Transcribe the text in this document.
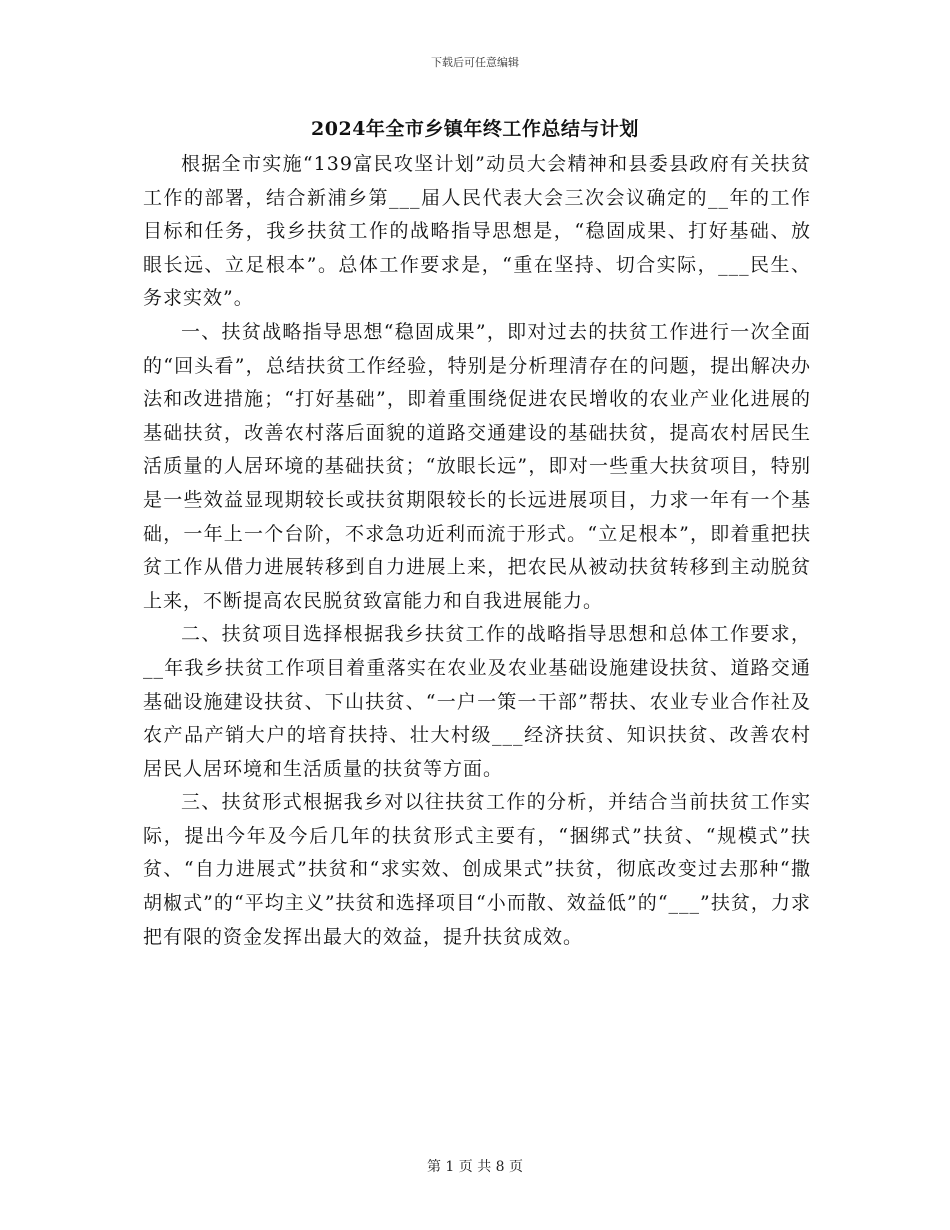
下载后可任意编辑
2024年全市乡镇年终工作总结与计划

根据全市实施“139富民攻坚计划”动员大会精神和县委县政府有关扶贫工作的部署，结合新浦乡第___届人民代表大会三次会议确定的__年的工作目标和任务，我乡扶贫工作的战略指导思想是，“稳固成果、打好基础、放眼长远、立足根本”。总体工作要求是，“重在坚持、切合实际，___民生、务求实效”。

一、扶贫战略指导思想“稳固成果”，即对过去的扶贫工作进行一次全面的“回头看”，总结扶贫工作经验，特别是分析理清存在的问题，提出解决办法和改进措施；“打好基础”，即着重围绕促进农民增收的农业产业化进展的基础扶贫，改善农村落后面貌的道路交通建设的基础扶贫，提高农村居民生活质量的人居环境的基础扶贫；“放眼长远”，即对一些重大扶贫项目，特别是一些效益显现期较长或扶贫期限较长的长远进展项目，力求一年有一个基础，一年上一个台阶，不求急功近利而流于形式。“立足根本”，即着重把扶贫工作从借力进展转移到自力进展上来，把农民从被动扶贫转移到主动脱贫上来，不断提高农民脱贫致富能力和自我进展能力。

二、扶贫项目选择根据我乡扶贫工作的战略指导思想和总体工作要求，__年我乡扶贫工作项目着重落实在农业及农业基础设施建设扶贫、道路交通基础设施建设扶贫、下山扶贫、“一户一策一干部”帮扶、农业专业合作社及农产品产销大户的培育扶持、壮大村级___经济扶贫、知识扶贫、改善农村居民人居环境和生活质量的扶贫等方面。

三、扶贫形式根据我乡对以往扶贫工作的分析，并结合当前扶贫工作实际，提出今年及今后几年的扶贫形式主要有，“捆绑式”扶贫、“规模式”扶贫、“自力进展式”扶贫和“求实效、创成果式”扶贫，彻底改变过去那种“撒胡椒式”的“平均主义”扶贫和选择项目“小而散、效益低”的“___”扶贫，力求把有限的资金发挥出最大的效益，提升扶贫成效。

第 1 页 共 8 页
